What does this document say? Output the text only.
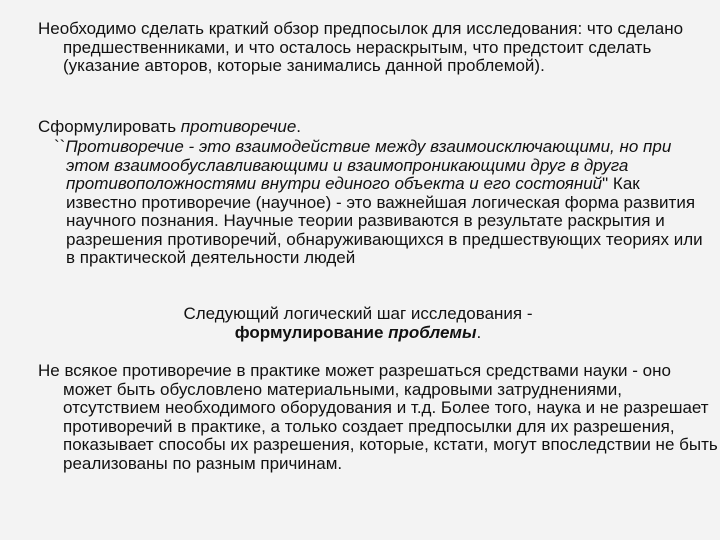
Необходимо сделать краткий обзор предпосылок для исследования: что сделано предшественниками, и что осталось нераскрытым, что предстоит сделать (указание авторов, которые занимались данной проблемой).

Сформулировать противоречие.

``Противоречие - это взаимодействие между взаимоисключающими, но при этом взаимообуславливающими и взаимопроникающими друг в друга противоположностями внутри единого объекта и его состояний" Как известно противоречие (научное) - это важнейшая логическая форма развития научного познания. Научные теории развиваются в результате раскрытия и разрешения противоречий, обнаруживающихся в предшествующих теориях или в практической деятельности людей

Следующий логический шаг исследования -
формулирование проблемы.

Не всякое противоречие в практике может разрешаться средствами науки - оно может быть обусловлено материальными, кадровыми затруднениями, отсутствием необходимого оборудования и т.д. Более того, наука и не разрешает противоречий в практике, а только создает предпосылки для их разрешения, показывает способы их разрешения, которые, кстати, могут впоследствии не быть реализованы по разным причинам.
